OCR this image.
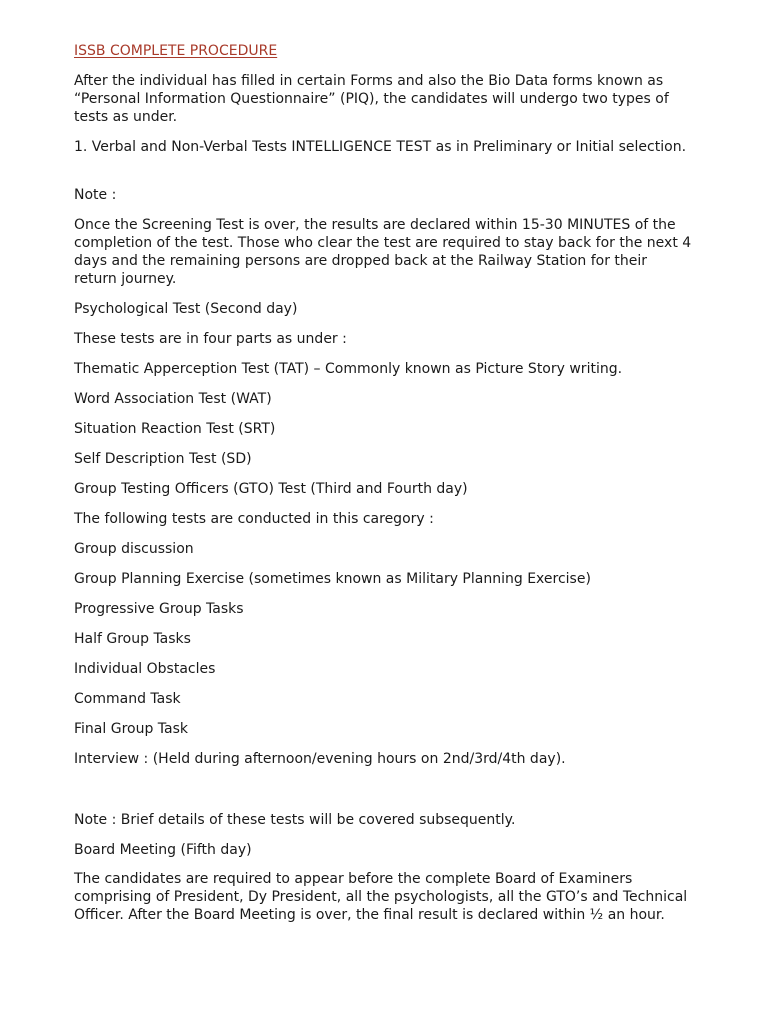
ISSB COMPLETE PROCEDURE

After the individual has filled in certain Forms and also the Bio Data forms known as “Personal Information Questionnaire” (PIQ), the candidates will undergo two types of tests as under.

1. Verbal and Non-Verbal Tests INTELLIGENCE TEST as in Preliminary or Initial selection.

Note :

Once the Screening Test is over, the results are declared within 15-30 MINUTES of the completion of the test. Those who clear the test are required to stay back for the next 4 days and the remaining persons are dropped back at the Railway Station for their return journey.

Psychological Test (Second day)

These tests are in four parts as under :

Thematic Apperception Test (TAT) – Commonly known as Picture Story writing.

Word Association Test (WAT)

Situation Reaction Test (SRT)

Self Description Test (SD)

Group Testing Officers (GTO) Test (Third and Fourth day)

The following tests are conducted in this caregory :

Group discussion

Group Planning Exercise (sometimes known as Military Planning Exercise)

Progressive Group Tasks

Half Group Tasks

Individual Obstacles

Command Task

Final Group Task

Interview : (Held during afternoon/evening hours on 2nd/3rd/4th day).

Note : Brief details of these tests will be covered subsequently.

Board Meeting (Fifth day)

The candidates are required to appear before the complete Board of Examiners comprising of President, Dy President, all the psychologists, all the GTO’s and Technical Officer. After the Board Meeting is over, the final result is declared within ½ an hour.
